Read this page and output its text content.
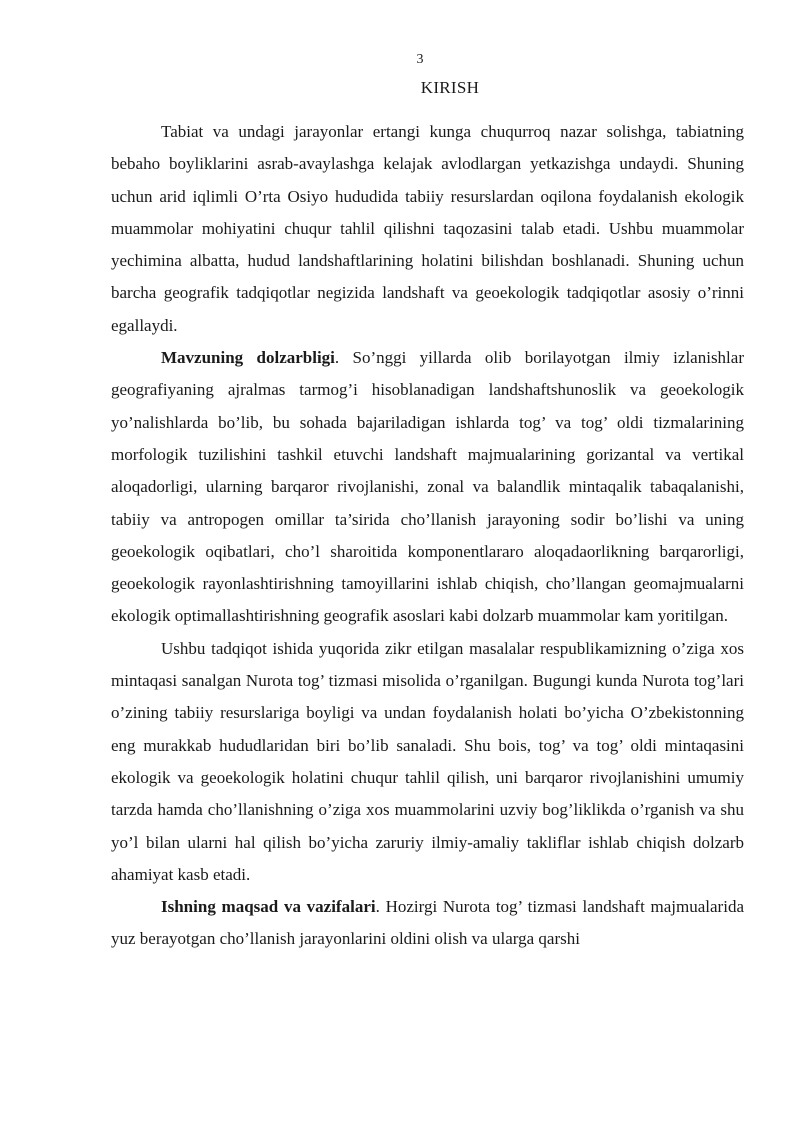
3
KIRISH

Tabiat va undagi jarayonlar ertangi kunga chuqurroq nazar solishga, tabiatning bebaho boyliklarini asrab-avaylashga kelajak avlodlargan yetkazishga undaydi. Shuning uchun arid iqlimli O’rta Osiyo hududida tabiiy resurslardan oqilona foydalanish ekologik muammolar mohiyatini chuqur tahlil qilishni taqozasini talab etadi. Ushbu muammolar yechimina albatta, hudud landshaftlarining holatini bilishdan boshlanadi. Shuning uchun barcha geografik tadqiqotlar negizida landshaft va geoekologik tadqiqotlar asosiy o’rinni egallaydi.

Mavzuning dolzarbligi. So’nggi yillarda olib borilayotgan ilmiy izlanishlar geografiyaning ajralmas tarmog’i hisoblanadigan landshaftshunoslik va geoekologik yo’nalishlarda bo’lib, bu sohada bajariladigan ishlarda tog’ va tog’ oldi tizmalarining morfologik tuzilishini tashkil etuvchi landshaft majmualarining gorizantal va vertikal aloqadorligi, ularning barqaror rivojlanishi, zonal va balandlik mintaqalik tabaqalanishi, tabiiy va antropogen omillar ta’sirida cho’llanish jarayoning sodir bo’lishi va uning geoekologik oqibatlari, cho’l sharoitida komponentlararo aloqadaorlikning barqarorligi, geoekologik rayonlashtirishning tamoyillarini ishlab chiqish, cho’llangan geomajmualarni ekologik optimallashtirishning geografik asoslari kabi dolzarb muammolar kam yoritilgan.

Ushbu tadqiqot ishida yuqorida zikr etilgan masalalar respublikamizning o’ziga xos mintaqasi sanalgan Nurota tog’ tizmasi misolida o’rganilgan. Bugungi kunda Nurota tog’lari o’zining tabiiy resurslariga boyligi va undan foydalanish holati bo’yicha O’zbekistonning eng murakkab hududlaridan biri bo’lib sanaladi. Shu bois, tog’ va tog’ oldi mintaqasini ekologik va geoekologik holatini chuqur tahlil qilish, uni barqaror rivojlanishini umumiy tarzda hamda cho’llanishning o’ziga xos muammolarini uzviy bog’liklikda o’rganish va shu yo’l bilan ularni hal qilish bo’yicha zaruriy ilmiy-amaliy takliflar ishlab chiqish dolzarb ahamiyat kasb etadi.

Ishning maqsad va vazifalari. Hozirgi Nurota tog’ tizmasi landshaft majmualarida yuz berayotgan cho’llanish jarayonlarini oldini olish va ularga qarshi
